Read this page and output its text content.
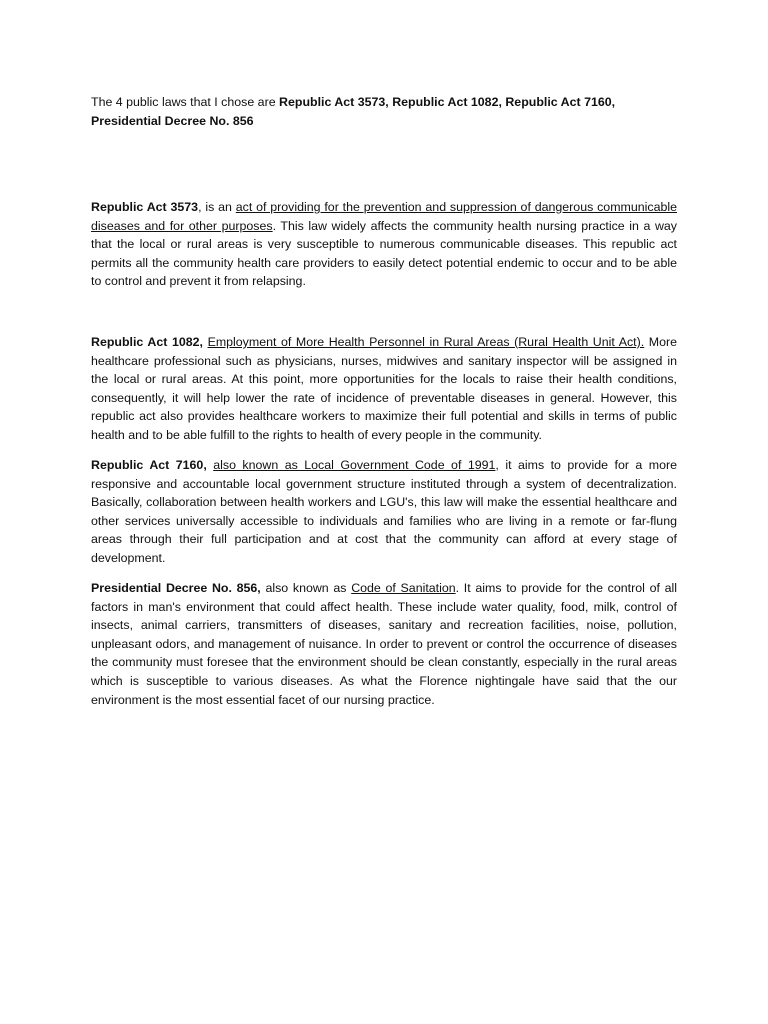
The 4 public laws that I chose are Republic Act 3573, Republic Act 1082, Republic Act 7160, Presidential Decree No. 856

Republic Act 3573, is an act of providing for the prevention and suppression of dangerous communicable diseases and for other purposes. This law widely affects the community health nursing practice in a way that the local or rural areas is very susceptible to numerous communicable diseases. This republic act permits all the community health care providers to easily detect potential endemic to occur and to be able to control and prevent it from relapsing.

Republic Act 1082, Employment of More Health Personnel in Rural Areas (Rural Health Unit Act). More healthcare professional such as physicians, nurses, midwives and sanitary inspector will be assigned in the local or rural areas. At this point, more opportunities for the locals to raise their health conditions, consequently, it will help lower the rate of incidence of preventable diseases in general. However, this republic act also provides healthcare workers to maximize their full potential and skills in terms of public health and to be able fulfill to the rights to health of every people in the community.

Republic Act 7160, also known as Local Government Code of 1991, it aims to provide for a more responsive and accountable local government structure instituted through a system of decentralization. Basically, collaboration between health workers and LGU's, this law will make the essential healthcare and other services universally accessible to individuals and families who are living in a remote or far-flung areas through their full participation and at cost that the community can afford at every stage of development.

Presidential Decree No. 856, also known as Code of Sanitation. It aims to provide for the control of all factors in man's environment that could affect health. These include water quality, food, milk, control of insects, animal carriers, transmitters of diseases, sanitary and recreation facilities, noise, pollution, unpleasant odors, and management of nuisance. In order to prevent or control the occurrence of diseases the community must foresee that the environment should be clean constantly, especially in the rural areas which is susceptible to various diseases. As what the Florence nightingale have said that the our environment is the most essential facet of our nursing practice.
